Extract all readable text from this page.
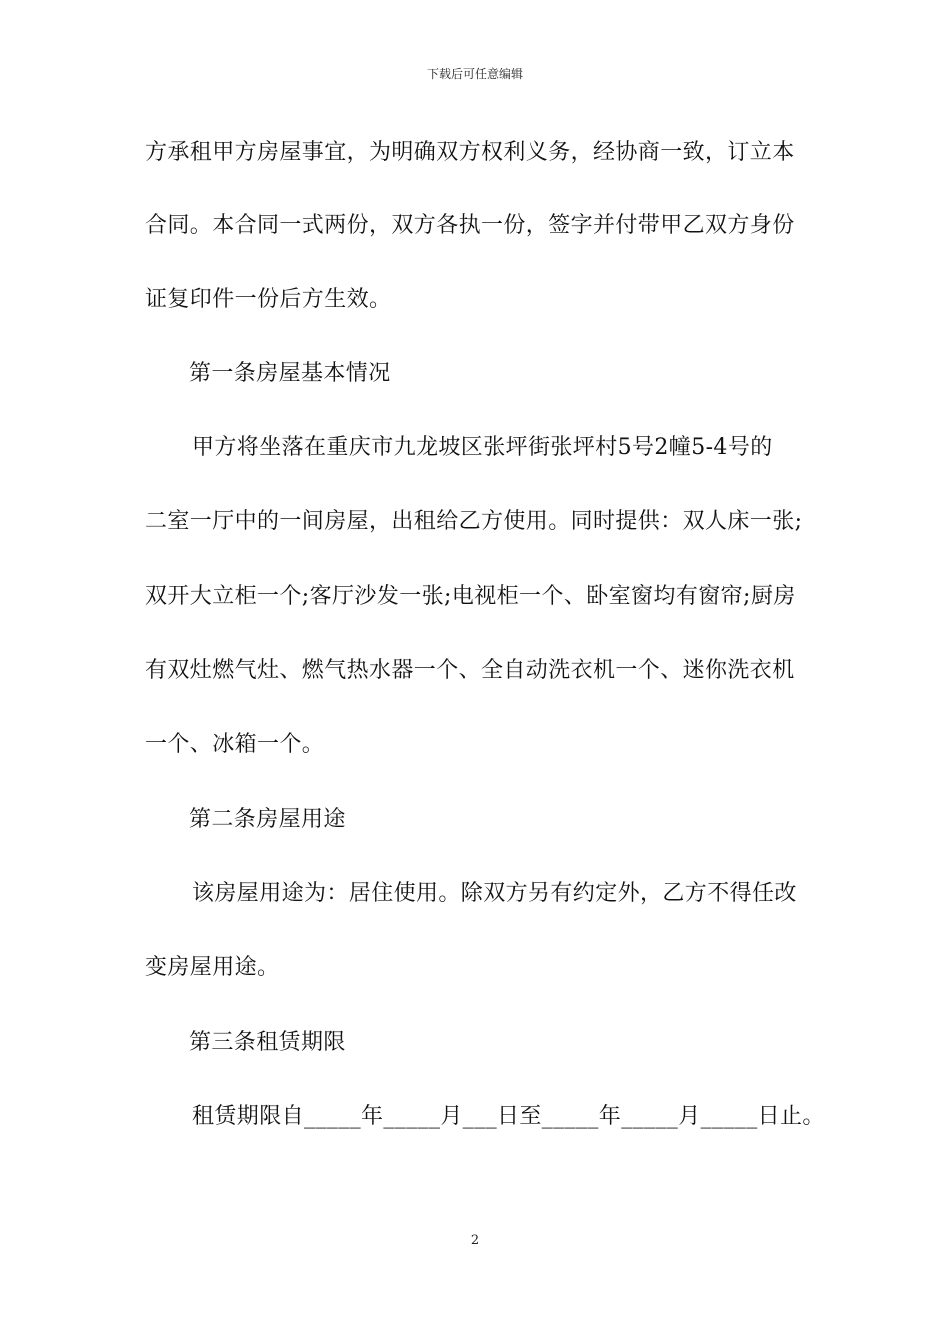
下载后可任意编辑
方承租甲方房屋事宜，为明确双方权利义务，经协商一致，订立本
合同。本合同一式两份，双方各执一份，签字并付带甲乙双方身份
证复印件一份后方生效。
第一条房屋基本情况
甲方将坐落在重庆市九龙坡区张坪街张坪村5号2幢5-4号的
二室一厅中的一间房屋，出租给乙方使用。同时提供：双人床一张;
双开大立柜一个;客厅沙发一张;电视柜一个、卧室窗均有窗帘;厨房
有双灶燃气灶、燃气热水器一个、全自动洗衣机一个、迷你洗衣机
一个、冰箱一个。
第二条房屋用途
该房屋用途为：居住使用。除双方另有约定外，乙方不得任改
变房屋用途。
第三条租赁期限
租赁期限自_____年_____月___日至_____年_____月_____日止。
2
